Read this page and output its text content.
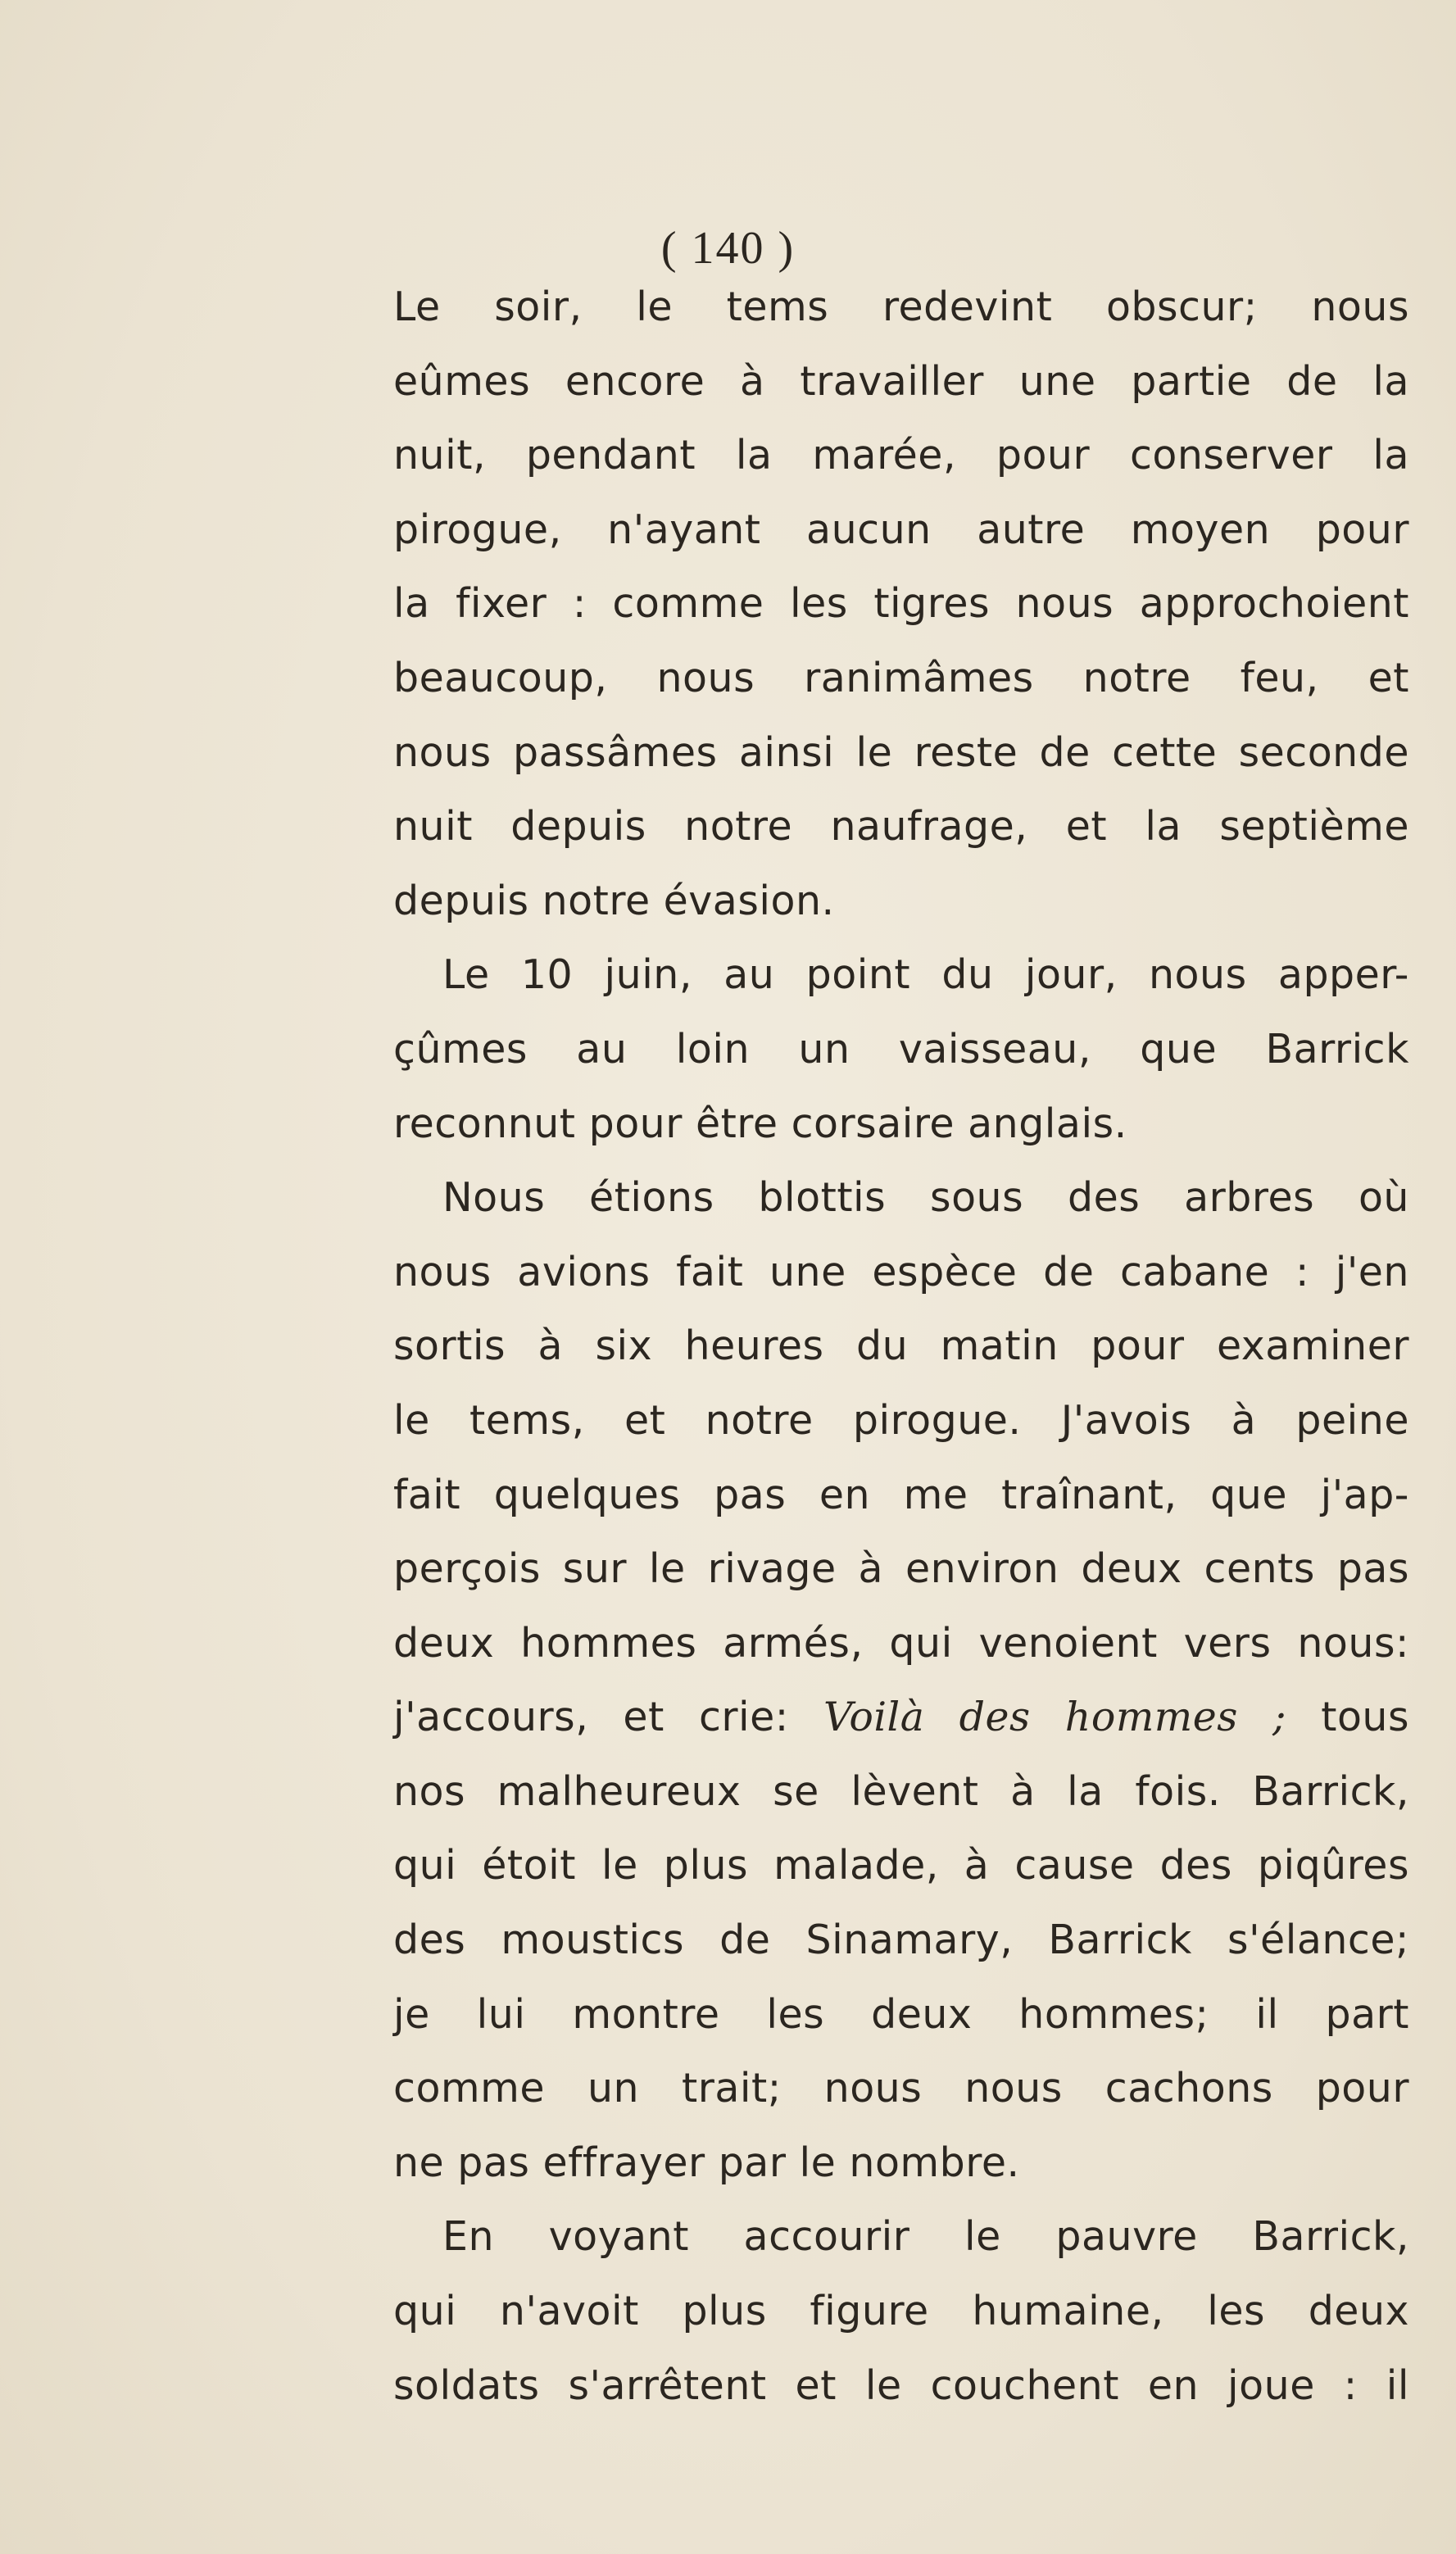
( 140 )
Le soir, le tems redevint obscur; nous
eûmes encore à travailler une partie de la
nuit, pendant la marée, pour conserver la
pirogue, n'ayant aucun autre moyen pour
la fixer : comme les tigres nous approchoient
beaucoup, nous ranimâmes notre feu, et
nous passâmes ainsi le reste de cette seconde
nuit depuis notre naufrage, et la septième
depuis notre évasion.
Le 10 juin, au point du jour, nous apper-
çûmes au loin un vaisseau, que Barrick
reconnut pour être corsaire anglais.
Nous étions blottis sous des arbres où
nous avions fait une espèce de cabane : j'en
sortis à six heures du matin pour examiner
le tems, et notre pirogue. J'avois à peine
fait quelques pas en me traînant, que j'ap-
perçois sur le rivage à environ deux cents pas
deux hommes armés, qui venoient vers nous:
j'accours, et crie: Voilà des hommes ; tous
nos malheureux se lèvent à la fois. Barrick,
qui étoit le plus malade, à cause des piqûres
des moustics de Sinamary, Barrick s'élance;
je lui montre les deux hommes; il part
comme un trait; nous nous cachons pour
ne pas effrayer par le nombre.
En voyant accourir le pauvre Barrick,
qui n'avoit plus figure humaine, les deux
soldats s'arrêtent et le couchent en joue : il
